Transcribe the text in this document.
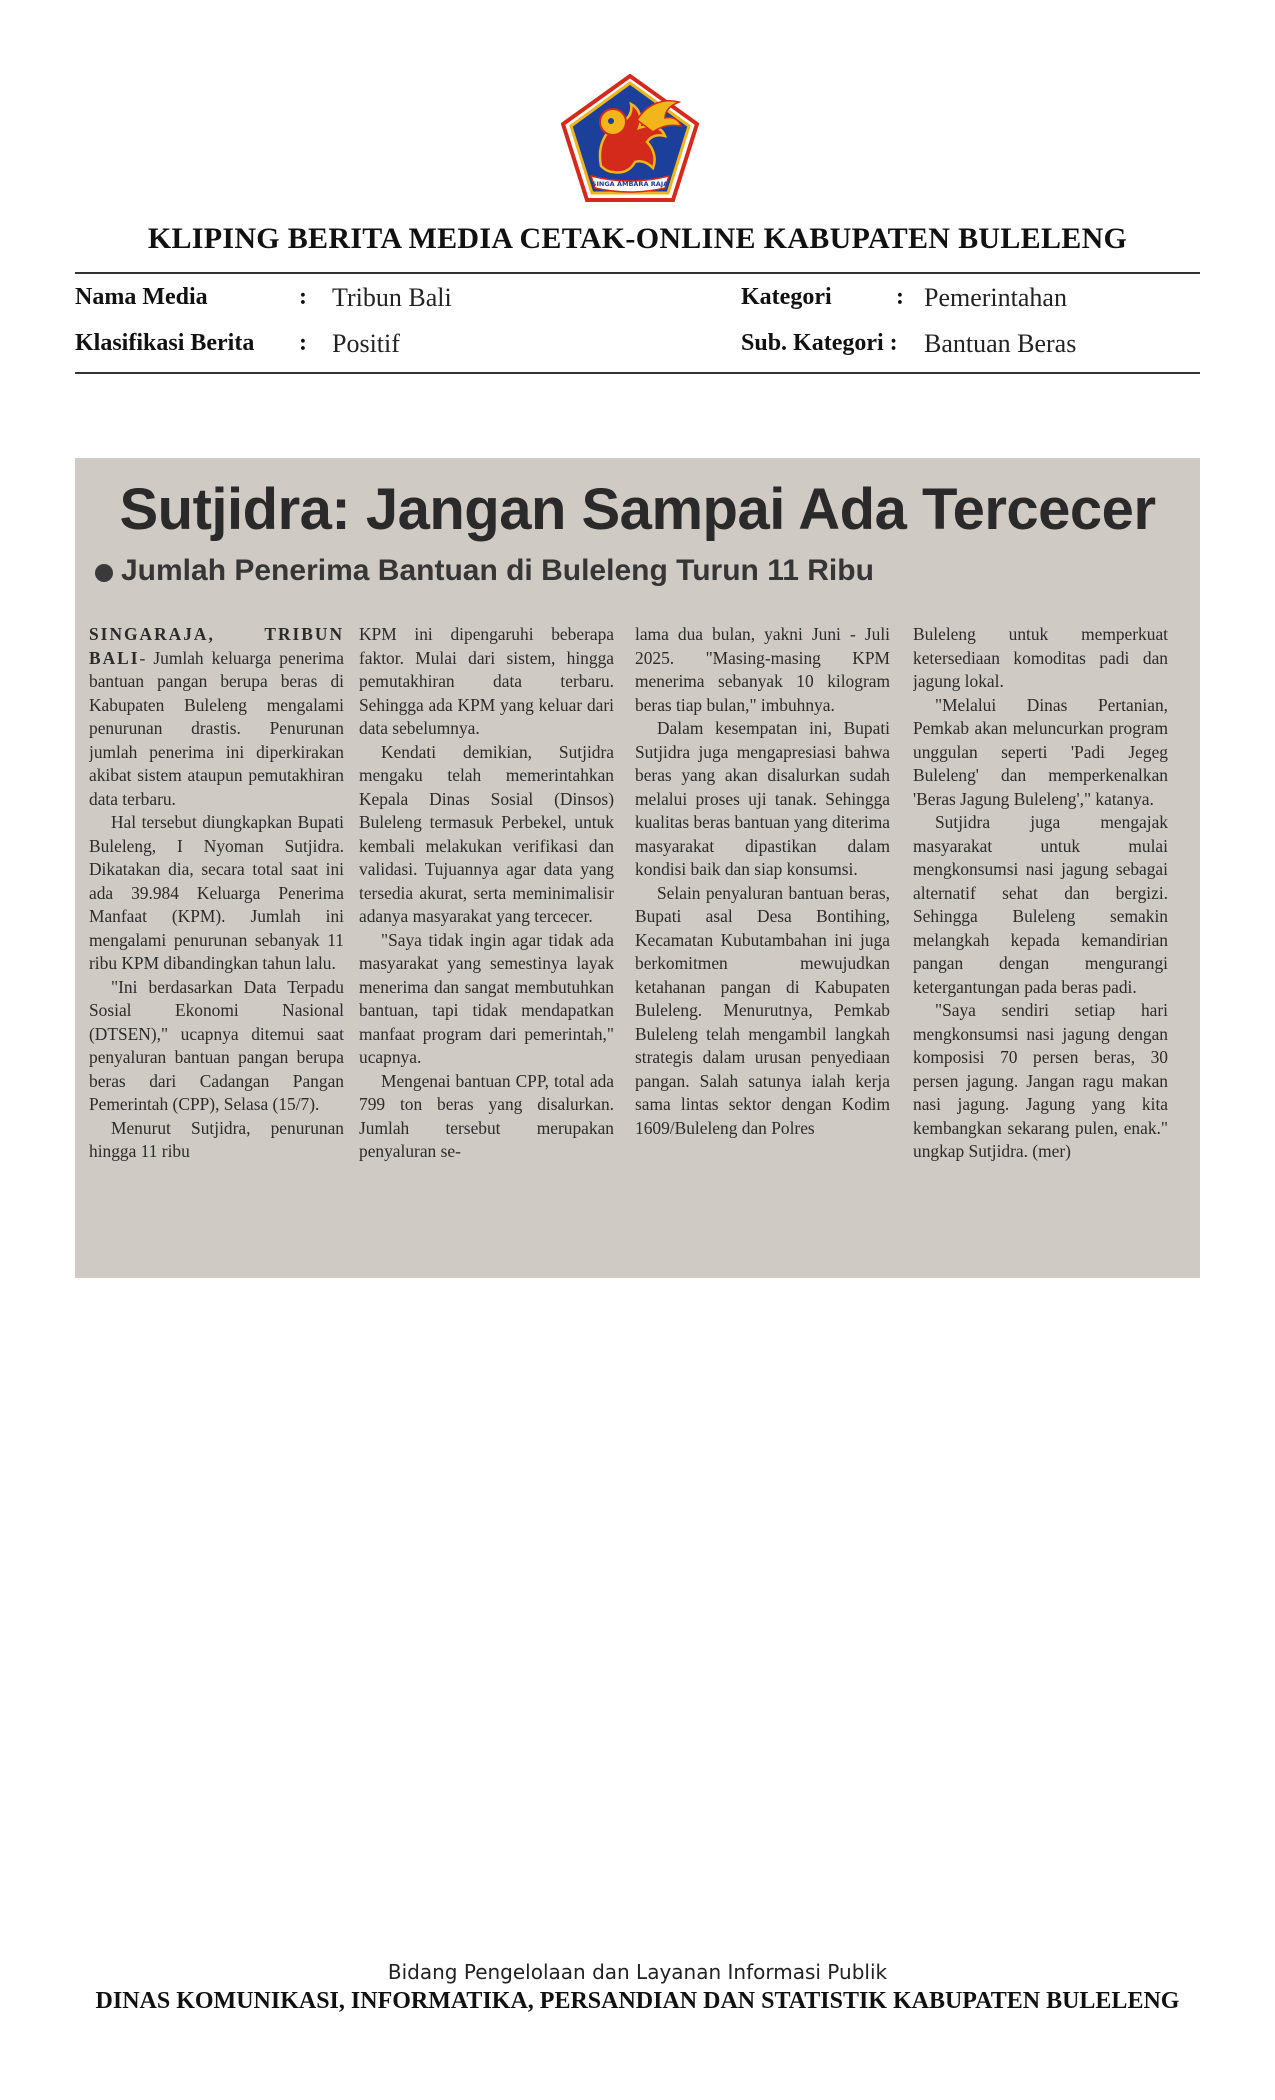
SINGA AMBARA RAJA
KLIPING BERITA MEDIA CETAK-ONLINE KABUPATEN BULELENG
Nama Media	: Tribun Bali
Klasifikasi Berita : Positif
Kategori	: Pemerintahan
Sub. Kategori : Bantuan Beras
Sutjidra: Jangan Sampai Ada Tercecer
Jumlah Penerima Bantuan di Buleleng Turun 11 Ribu

SINGARAJA, TRIBUN BALI- Jumlah keluarga penerima bantuan pangan berupa beras di Kabupaten Buleleng mengalami penurunan drastis. Penurunan jumlah penerima ini diperkirakan akibat sistem ataupun pemutakhiran data terbaru.

Hal tersebut diungkapkan Bupati Buleleng, I Nyoman Sutjidra. Dikatakan dia, secara total saat ini ada 39.984 Keluarga Penerima Manfaat (KPM). Jumlah ini mengalami penurunan sebanyak 11 ribu KPM dibandingkan tahun lalu.

"Ini berdasarkan Data Terpadu Sosial Ekonomi Nasional (DTSEN)," ucapnya ditemui saat penyaluran bantuan pangan berupa beras dari Cadangan Pangan Pemerintah (CPP), Selasa (15/7).

Menurut Sutjidra, penurunan hingga 11 ribu

KPM ini dipengaruhi beberapa faktor. Mulai dari sistem, hingga pemutakhiran data terbaru. Sehingga ada KPM yang keluar dari data sebelumnya.

Kendati demikian, Sutjidra mengaku telah memerintahkan Kepala Dinas Sosial (Dinsos) Buleleng termasuk Perbekel, untuk kembali melakukan verifikasi dan validasi. Tujuannya agar data yang tersedia akurat, serta meminimalisir adanya masyarakat yang tercecer.

"Saya tidak ingin agar tidak ada masyarakat yang semestinya layak menerima dan sangat membutuhkan bantuan, tapi tidak mendapatkan manfaat program dari pemerintah," ucapnya.

Mengenai bantuan CPP, total ada 799 ton beras yang disalurkan. Jumlah tersebut merupakan penyaluran se-

lama dua bulan, yakni Juni - Juli 2025. "Masing-masing KPM menerima sebanyak 10 kilogram beras tiap bulan," imbuhnya.

Dalam kesempatan ini, Bupati Sutjidra juga mengapresiasi bahwa beras yang akan disalurkan sudah melalui proses uji tanak. Sehingga kualitas beras bantuan yang diterima masyarakat dipastikan dalam kondisi baik dan siap konsumsi.

Selain penyaluran bantuan beras, Bupati asal Desa Bontihing, Kecamatan Kubutambahan ini juga berkomitmen mewujudkan ketahanan pangan di Kabupaten Buleleng. Menurutnya, Pemkab Buleleng telah mengambil langkah strategis dalam urusan penyediaan pangan. Salah satunya ialah kerja sama lintas sektor dengan Kodim 1609/Buleleng dan Polres

Buleleng untuk memperkuat ketersediaan komoditas padi dan jagung lokal.

"Melalui Dinas Pertanian, Pemkab akan meluncurkan program unggulan seperti 'Padi Jegeg Buleleng' dan memperkenalkan 'Beras Jagung Buleleng'," katanya.

Sutjidra juga mengajak masyarakat untuk mulai mengkonsumsi nasi jagung sebagai alternatif sehat dan bergizi. Sehingga Buleleng semakin melangkah kepada kemandirian pangan dengan mengurangi ketergantungan pada beras padi.

"Saya sendiri setiap hari mengkonsumsi nasi jagung dengan komposisi 70 persen beras, 30 persen jagung. Jangan ragu makan nasi jagung. Jagung yang kita kembangkan sekarang pulen, enak." ungkap Sutjidra. (mer)

Bidang Pengelolaan dan Layanan Informasi Publik
DINAS KOMUNIKASI, INFORMATIKA, PERSANDIAN DAN STATISTIK KABUPATEN BULELENG
